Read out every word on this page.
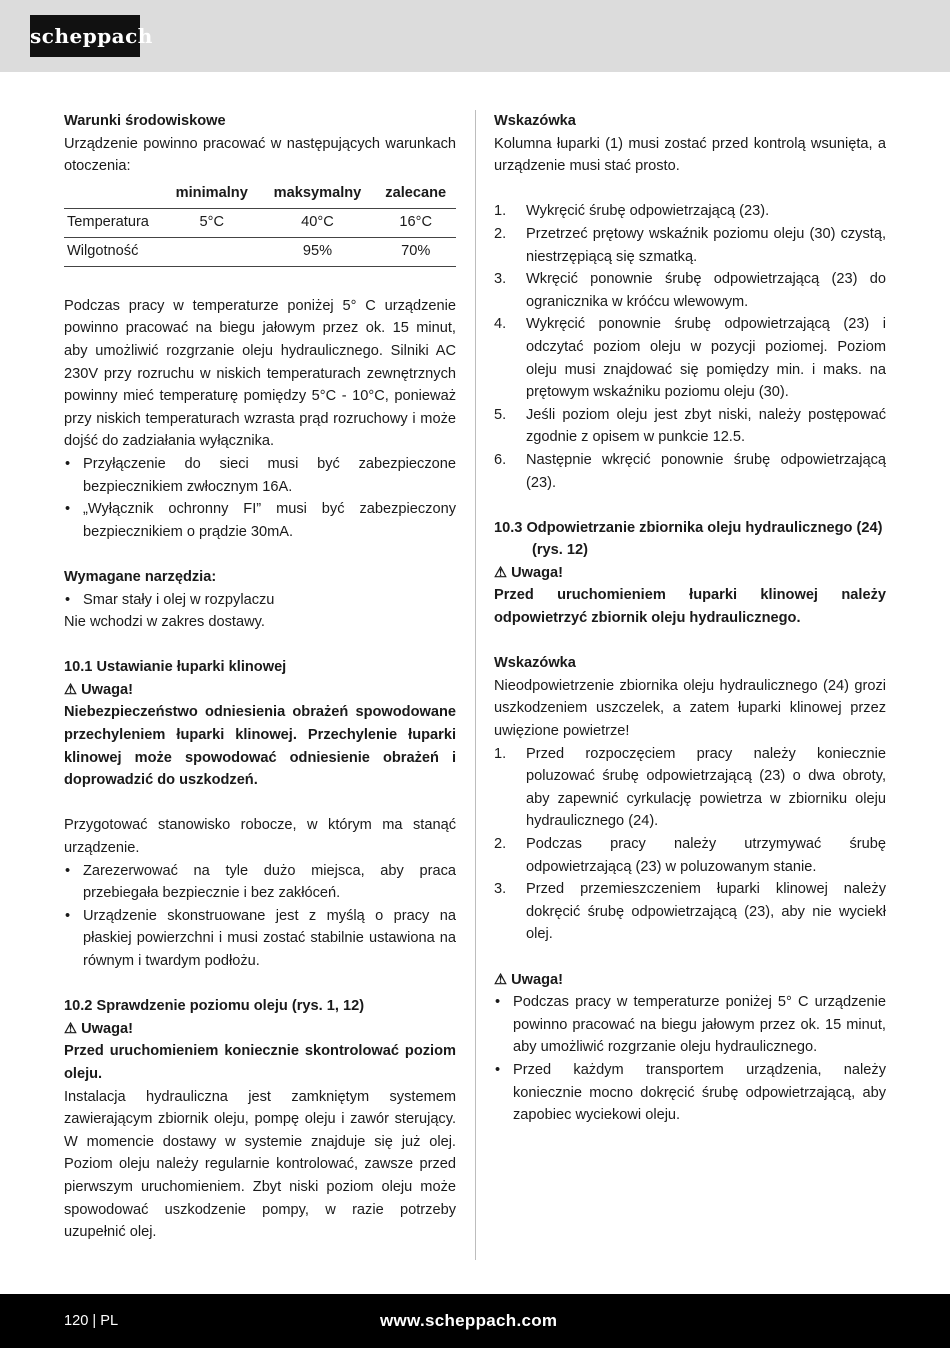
scheppach

Warunki środowiskowe

Urządzenie powinno pracować w następujących warunkach otoczenia:

	minimalny	maksymalny	zalecane
Temperatura	5°C	40°C	16°C
Wilgotność		95%	70%

Podczas pracy w temperaturze poniżej 5° C urządzenie powinno pracować na biegu jałowym przez ok. 15 minut, aby umożliwić rozgrzanie oleju hydraulicznego. Silniki AC 230V przy rozruchu w niskich temperaturach zewnętrznych powinny mieć temperaturę pomiędzy 5°C - 10°C, ponieważ przy niskich temperaturach wzrasta prąd rozruchowy i może dojść do zadziałania wyłącznika.

• Przyłączenie do sieci musi być zabezpieczone bezpiecznikiem zwłocznym 16A.
• „Wyłącznik ochronny FI” musi być zabezpieczony bezpiecznikiem o prądzie 30mA.

Wymagane narzędzia:

• Smar stały i olej w rozpylaczu

Nie wchodzi w zakres dostawy.

10.1 Ustawianie łuparki klinowej

⚠ Uwaga!

Niebezpieczeństwo odniesienia obrażeń spowodowane przechyleniem łuparki klinowej. Przechylenie łuparki klinowej może spowodować odniesienie obrażeń i doprowadzić do uszkodzeń.

Przygotować stanowisko robocze, w którym ma stanąć urządzenie.

• Zarezerwować na tyle dużo miejsca, aby praca przebiegała bezpiecznie i bez zakłóceń.
• Urządzenie skonstruowane jest z myślą o pracy na płaskiej powierzchni i musi zostać stabilnie ustawiona na równym i twardym podłożu.

10.2 Sprawdzenie poziomu oleju (rys. 1, 12)

⚠ Uwaga!

Przed uruchomieniem koniecznie skontrolować poziom oleju.

Instalacja hydrauliczna jest zamkniętym systemem zawierającym zbiornik oleju, pompę oleju i zawór sterujący. W momencie dostawy w systemie znajduje się już olej. Poziom oleju należy regularnie kontrolować, zawsze przed pierwszym uruchomieniem. Zbyt niski poziom oleju może spowodować uszkodzenie pompy, w razie potrzeby uzupełnić olej.

Wskazówka

Kolumna łuparki (1) musi zostać przed kontrolą wsunięta, a urządzenie musi stać prosto.

1. Wykręcić śrubę odpowietrzającą (23).
2. Przetrzeć prętowy wskaźnik poziomu oleju (30) czystą, niestrzępiącą się szmatką.
3. Wkręcić ponownie śrubę odpowietrzającą (23) do ogranicznika w króćcu wlewowym.
4. Wykręcić ponownie śrubę odpowietrzającą (23) i odczytać poziom oleju w pozycji poziomej. Poziom oleju musi znajdować się pomiędzy min. i maks. na prętowym wskaźniku poziomu oleju (30).
5. Jeśli poziom oleju jest zbyt niski, należy postępować zgodnie z opisem w punkcie 12.5.
6. Następnie wkręcić ponownie śrubę odpowietrzającą (23).

10.3 Odpowietrzanie zbiornika oleju hydraulicznego (24) (rys. 12)

⚠ Uwaga!

Przed uruchomieniem łuparki klinowej należy odpowietrzyć zbiornik oleju hydraulicznego.

Wskazówka

Nieodpowietrzenie zbiornika oleju hydraulicznego (24) grozi uszkodzeniem uszczelek, a zatem łuparki klinowej przez uwięzione powietrze!

1. Przed rozpoczęciem pracy należy koniecznie poluzować śrubę odpowietrzającą (23) o dwa obroty, aby zapewnić cyrkulację powietrza w zbiorniku oleju hydraulicznego (24).
2. Podczas pracy należy utrzymywać śrubę odpowietrzającą (23) w poluzowanym stanie.
3. Przed przemieszczeniem łuparki klinowej należy dokręcić śrubę odpowietrzającą (23), aby nie wyciekł olej.

⚠ Uwaga!

• Podczas pracy w temperaturze poniżej 5° C urządzenie powinno pracować na biegu jałowym przez ok. 15 minut, aby umożliwić rozgrzanie oleju hydraulicznego.
• Przed każdym transportem urządzenia, należy koniecznie mocno dokręcić śrubę odpowietrzającą, aby zapobiec wyciekowi oleju.
120 | PL	www.scheppach.com
